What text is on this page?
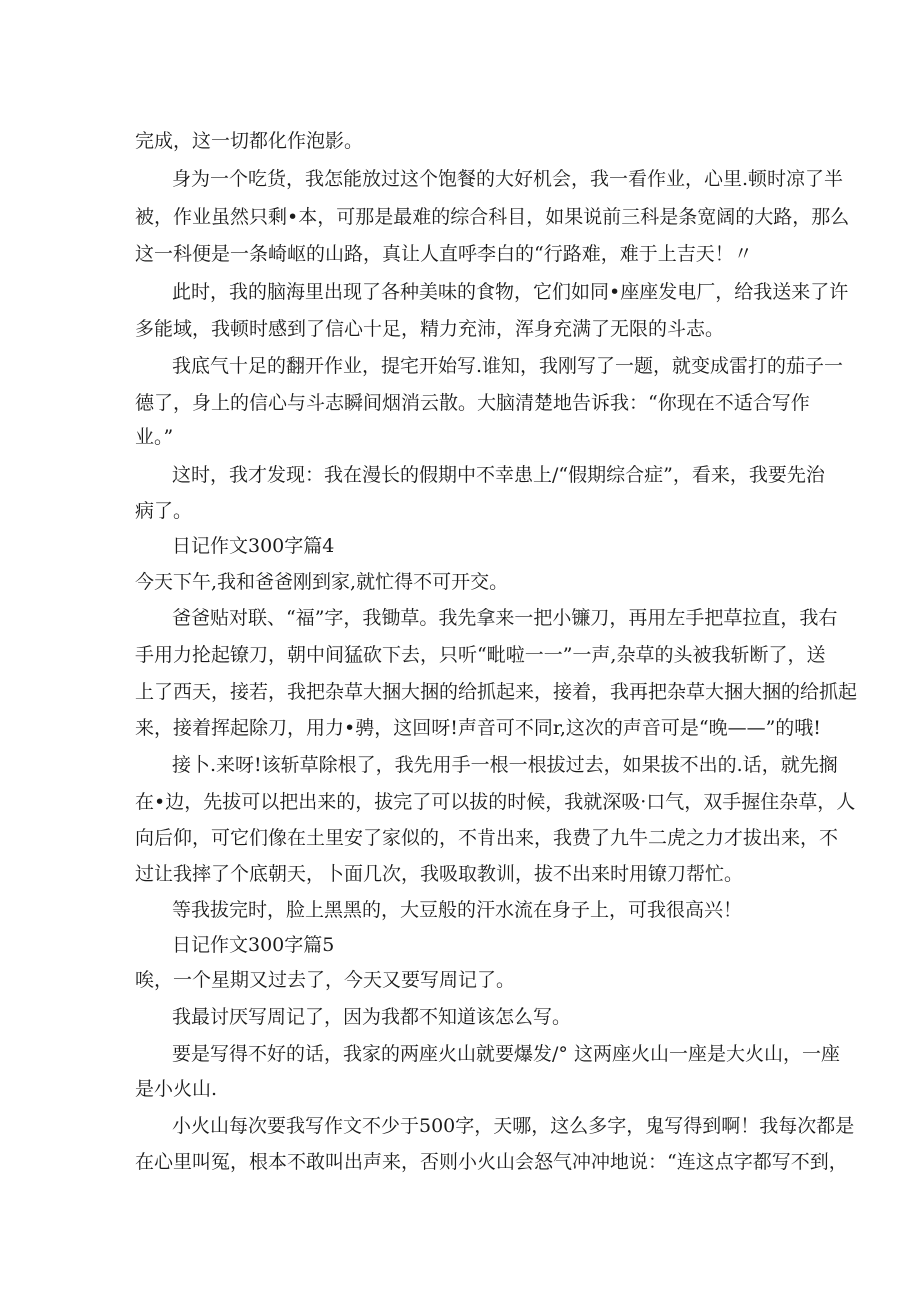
完成，这一切都化作泡影。
身为一个吃货，我怎能放过这个饱餐的大好机会，我一看作业，心里.顿时凉了半
被，作业虽然只剩•本，可那是最难的综合科目，如果说前三科是条宽阔的大路，那么
这一科便是一条崎岖的山路，真让人直呼李白的“行路难，难于上吉天！〃
此时，我的脑海里出现了各种美味的食物，它们如同•座座发电厂，给我送来了许
多能域，我顿时感到了信心十足，精力充沛，浑身充满了无限的斗志。
我底气十足的翻开作业，提宅开始写.谁知，我刚写了一题，就变成雷打的茄子一
德了，身上的信心与斗志瞬间烟消云散。大脑清楚地告诉我：“你现在不适合写作
业。”
这时，我才发现：我在漫长的假期中不幸患上/“假期综合症”，看来，我要先治
病了。
日记作文300字篇4
今天下午,我和爸爸刚到家,就忙得不可开交。
爸爸贴对联、“福”字，我锄草。我先拿来一把小镰刀，再用左手把草拉直，我右
手用力抡起镣刀，朝中间猛砍下去，只听“毗啦一一”一声,杂草的头被我斩断了，送
上了西天，接若，我把杂草大捆大捆的给抓起来，接着，我再把杂草大捆大捆的给抓起
来，接着挥起除刀，用力•骋，这回呀!声音可不同r,这次的声音可是“晚——”的哦!
接卜.来呀!该斩草除根了，我先用手一根一根拔过去，如果拔不出的.话，就先搁
在•边，先拔可以把出来的，拔完了可以拔的时候，我就深吸·口气，双手握住杂草，人
向后仰，可它们像在土里安了家似的，不肯出来，我费了九牛二虎之力才拔出来，不
过让我摔了个底朝天，卜面几次，我吸取教训，拔不出来时用镣刀帮忙。
等我拔完时，脸上黑黑的，大豆般的汗水流在身子上，可我很高兴！
日记作文300字篇5
唉，一个星期又过去了，今天又要写周记了。
我最讨厌写周记了，因为我都不知道该怎么写。
要是写得不好的话，我家的两座火山就要爆发/° 这两座火山一座是大火山，一座
是小火山.
小火山每次要我写作文不少于500字，天哪，这么多字，鬼写得到啊！我每次都是
在心里叫冤，根本不敢叫出声来，否则小火山会怒气冲冲地说：“连这点字都写不到，
